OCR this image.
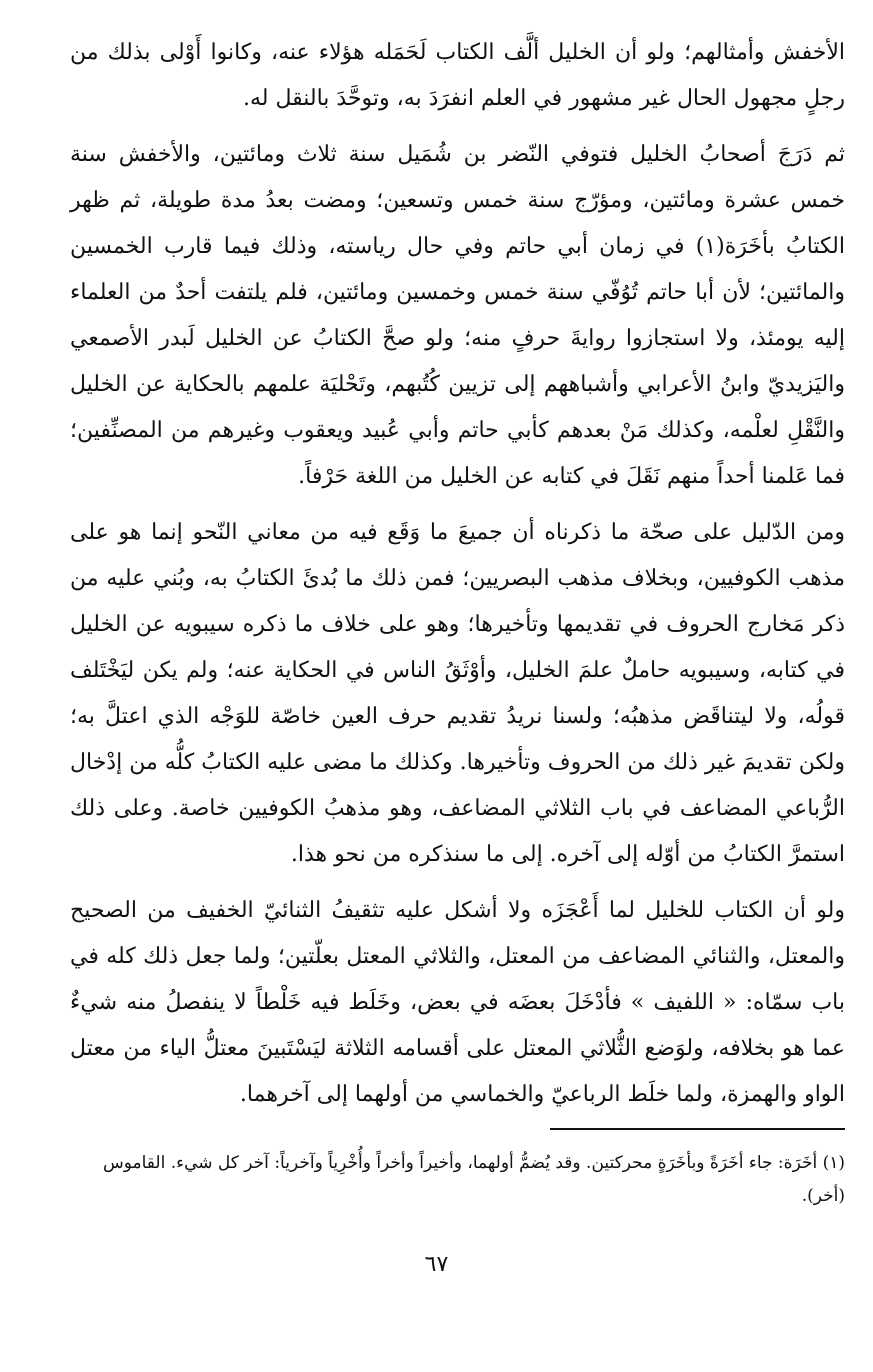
الأخفش وأمثالهم؛ ولو أن الخليل ألَّف الكتاب لَحَمَله هؤلاء عنه، وكانوا أَوْلى بذلك من رجلٍ مجهول الحال غير مشهور في العلم انفرَدَ به، وتوحَّدَ بالنقل له.

ثم دَرَجَ أصحابُ الخليل فتوفي النّضر بن شُمَيل سنة ثلاث ومائتين، والأخفش سنة خمس عشرة ومائتين، ومؤرّج سنة خمس وتسعين؛ ومضت بعدُ مدة طويلة، ثم ظهر الكتابُ بأخَرَة(١) في زمان أبي حاتم وفي حال رياسته، وذلك فيما قارب الخمسين والمائتين؛ لأن أبا حاتم تُوُفّي سنة خمس وخمسين ومائتين، فلم يلتفت أحدٌ من العلماء إليه يومئذ، ولا استجازوا روايةَ حرفٍ منه؛ ولو صحَّ الكتابُ عن الخليل لَبدر الأصمعي واليَزيديّ وابنُ الأعرابي وأشباههم إلى تزيين كُتُبهم، وتَحْليَة علمهم بالحكاية عن الخليل والنَّقْلِ لعلْمه، وكذلك مَنْ بعدهم كأبي حاتم وأبي عُبيد ويعقوب وغيرهم من المصنِّفين؛ فما عَلمنا أحداً منهم نَقَلَ في كتابه عن الخليل من اللغة حَرْفاً.

ومن الدّليل على صحّة ما ذكرناه أن جميعَ ما وَقَع فيه من معاني النّحو إنما هو على مذهب الكوفيين، وبخلاف مذهب البصريين؛ فمن ذلك ما بُدئَ الكتابُ به، وبُني عليه من ذكر مَخارج الحروف في تقديمها وتأخيرها؛ وهو على خلاف ما ذكره سيبويه عن الخليل في كتابه، وسيبويه حاملٌ علمَ الخليل، وأوْثَقُ الناس في الحكاية عنه؛ ولم يكن ليَخْتَلف قولُه، ولا ليتناقَض مذهبُه؛ ولسنا نريدُ تقديم حرف العين خاصّة للوَجْه الذي اعتلَّ به؛ ولكن تقديمَ غير ذلك من الحروف وتأخيرها. وكذلك ما مضى عليه الكتابُ كلُّه من إدْخال الرُّباعي المضاعف في باب الثلاثي المضاعف، وهو مذهبُ الكوفيين خاصة. وعلى ذلك استمرَّ الكتابُ من أوّله إلى آخره. إلى ما سنذكره من نحو هذا.

ولو أن الكتاب للخليل لما أَعْجَزَه ولا أشكل عليه تثقيفُ الثنائيّ الخفيف من الصحيح والمعتل، والثنائي المضاعف من المعتل، والثلاثي المعتل بعلّتين؛ ولما جعل ذلك كله في باب سمّاه: « اللفيف » فأدْخَلَ بعضَه في بعض، وخَلَط فيه خَلْطاً لا ينفصلُ منه شيءٌ عما هو بخلافه، ولوَضع الثُّلاثي المعتل على أقسامه الثلاثة ليَسْتَبينَ معتلُّ الياء من معتل الواو والهمزة، ولما خلَط الرباعيّ والخماسي من أولهما إلى آخرهما.

(١) أخَرَة: جاء أخَرَةً وبأخَرَةٍ محركتين. وقد يُضمُّ أولهما، وأخيراً وأخراً وأُخْرِياً وآخرياً: آخر كل شيء. القاموس (أخر).
٦٧
